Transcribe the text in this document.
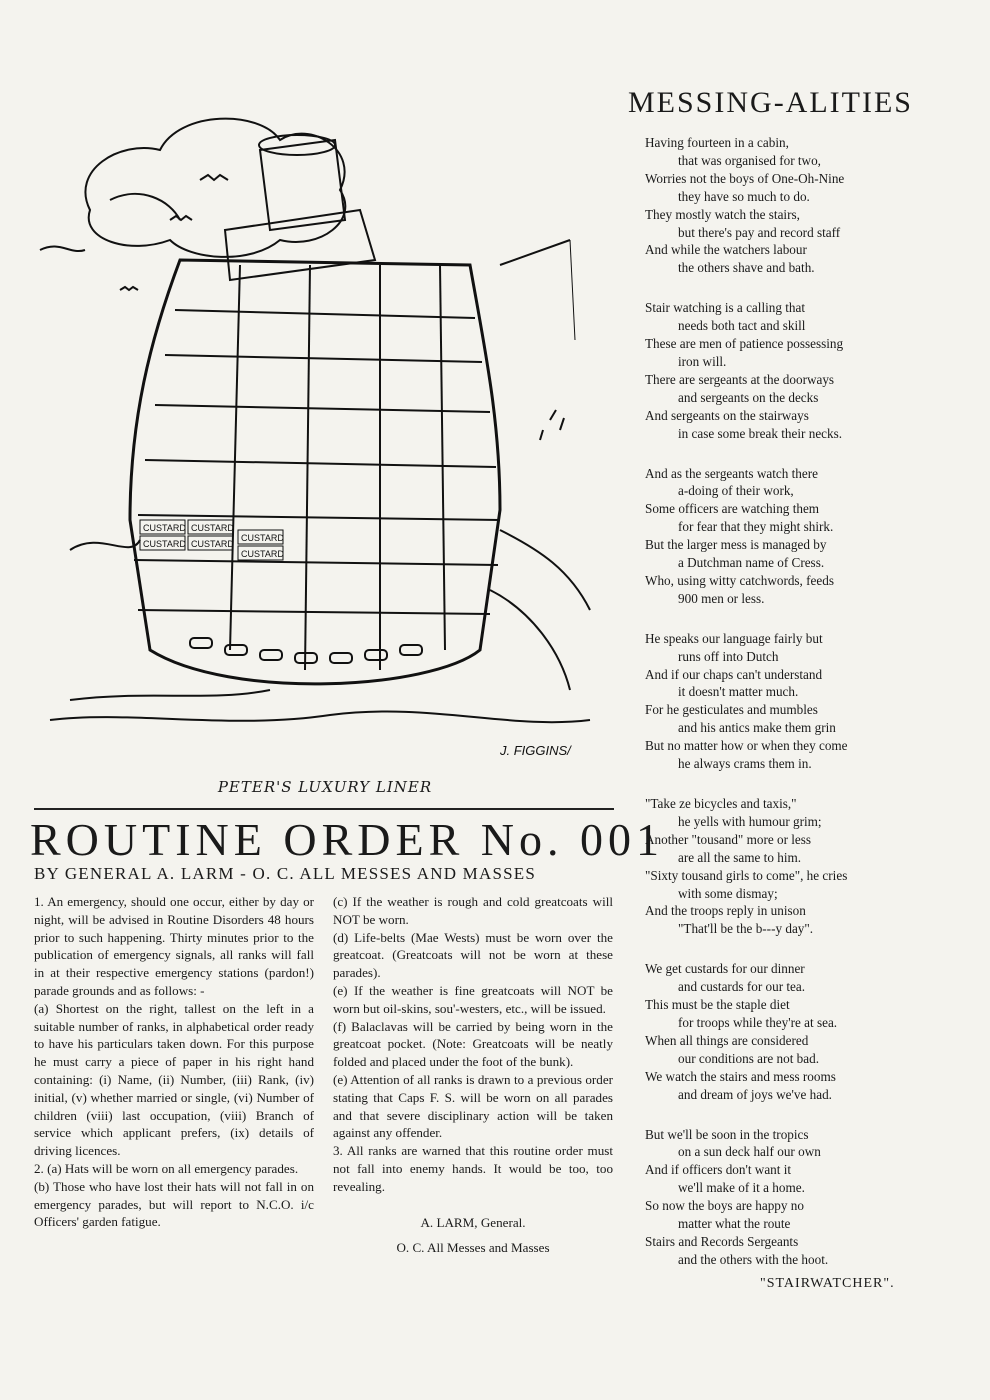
CUSTARD CUSTARD
CUSTARD CUSTARD
CUSTARD
CUSTARD
J. FIGGINS/
PETER'S LUXURY LINER
ROUTINE ORDER No. 001
BY GENERAL A. LARM - O. C. ALL MESSES AND MASSES

1. An emergency, should one occur, either by day or night, will be advised in Routine Disorders 48 hours prior to such happening. Thirty minutes prior to the publication of emergency signals, all ranks will fall in at their respective emergency stations (pardon!) parade grounds and as follows: -

(a) Shortest on the right, tallest on the left in a suitable number of ranks, in alphabetical order ready to have his particulars taken down. For this purpose he must carry a piece of paper in his right hand containing: (i) Name, (ii) Number, (iii) Rank, (iv) initial, (v) whether married or single, (vi) Number of children (viii) last occupation, (viii) Branch of service which applicant prefers, (ix) details of driving licences.

2. (a) Hats will be worn on all emergency parades.

(b) Those who have lost their hats will not fall in on emergency parades, but will report to N.C.O. i/c Officers' garden fatigue.

(c) If the weather is rough and cold greatcoats will NOT be worn.

(d) Life-belts (Mae Wests) must be worn over the greatcoat. (Greatcoats will not be worn at these parades).

(e) If the weather is fine greatcoats will NOT be worn but oil-skins, sou'-westers, etc., will be issued.

(f) Balaclavas will be carried by being worn in the greatcoat pocket. (Note: Greatcoats will be neatly folded and placed under the foot of the bunk).

(e) Attention of all ranks is drawn to a previous order stating that Caps F. S. will be worn on all parades and that severe disciplinary action will be taken against any offender.

3. All ranks are warned that this routine order must not fall into enemy hands. It would be too, too revealing.

A. LARM, General.
O. C. All Messes and Masses

MESSING-ALITIES
Having fourteen in a cabin,
that was organised for two,
Worries not the boys of One-Oh-Nine
they have so much to do.
They mostly watch the stairs,
but there's pay and record staff
And while the watchers labour
the others shave and bath.
Stair watching is a calling that
needs both tact and skill
These are men of patience possessing
iron will.
There are sergeants at the doorways
and sergeants on the decks
And sergeants on the stairways
in case some break their necks.
And as the sergeants watch there
a-doing of their work,
Some officers are watching them
for fear that they might shirk.
But the larger mess is managed by
a Dutchman name of Cress.
Who, using witty catchwords, feeds
900 men or less.
He speaks our language fairly but
runs off into Dutch
And if our chaps can't understand
it doesn't matter much.
For he gesticulates and mumbles
and his antics make them grin
But no matter how or when they come
he always crams them in.
"Take ze bicycles and taxis,"
he yells with humour grim;
Another "tousand" more or less
are all the same to him.
"Sixty tousand girls to come", he cries
with some dismay;
And the troops reply in unison
"That'll be the b---y day".
We get custards for our dinner
and custards for our tea.
This must be the staple diet
for troops while they're at sea.
When all things are considered
our conditions are not bad.
We watch the stairs and mess rooms
and dream of joys we've had.
But we'll be soon in the tropics
on a sun deck half our own
And if officers don't want it
we'll make of it a home.
So now the boys are happy no
matter what the route
Stairs and Records Sergeants
and the others with the hoot.
"STAIRWATCHER".
